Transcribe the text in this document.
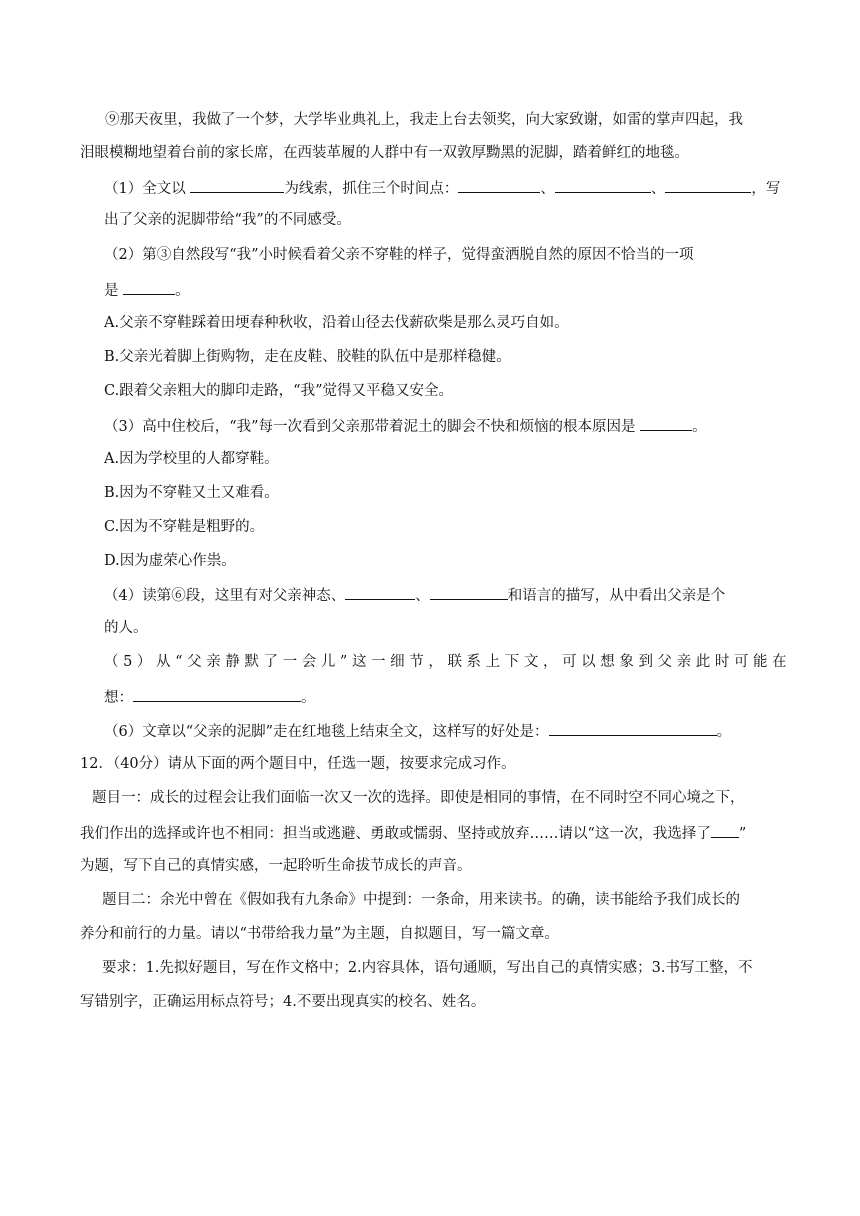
⑨那天夜里，我做了一个梦，大学毕业典礼上，我走上台去领奖，向大家致谢，如雷的掌声四起，我
泪眼模糊地望着台前的家长席，在西装革履的人群中有一双敦厚黝黑的泥脚，踏着鲜红的地毯。
（1）全文以	为线索，抓住三个时间点：	、	、	，写
出了父亲的泥脚带给“我”的不同感受。
（2）第③自然段写“我”小时候看着父亲不穿鞋的样子，觉得蛮洒脱自然的原因不恰当的一项
是	。
A.父亲不穿鞋踩着田埂春种秋收，沿着山径去伐薪砍柴是那么灵巧自如。
B.父亲光着脚上街购物，走在皮鞋、胶鞋的队伍中是那样稳健。
C.跟着父亲粗大的脚印走路，“我”觉得又平稳又安全。
（3）高中住校后，“我”每一次看到父亲那带着泥土的脚会不快和烦恼的根本原因是	。
A.因为学校里的人都穿鞋。
B.因为不穿鞋又土又难看。
C.因为不穿鞋是粗野的。
D.因为虚荣心作祟。
（4）读第⑥段，这里有对父亲神态、	、	和语言的描写，从中看出父亲是个
的人。
（5）从“父亲静默了一会儿”这一细节，联系上下文，可以想象到父亲此时可能在
想：	。
（6）文章以“父亲的泥脚”走在红地毯上结束全文，这样写的好处是：	。
12．（40分）请从下面的两个题目中，任选一题，按要求完成习作。
题目一：成长的过程会让我们面临一次又一次的选择。即使是相同的事情，在不同时空不同心境之下，
我们作出的选择或许也不相同：担当或逃避、勇敢或懦弱、坚持或放弃……请以“这一次，我选择了 ”
为题，写下自己的真情实感，一起聆听生命拔节成长的声音。
题目二：余光中曾在《假如我有九条命》中提到：一条命，用来读书。的确，读书能给予我们成长的
养分和前行的力量。请以“书带给我力量”为主题，自拟题目，写一篇文章。
要求：1.先拟好题目，写在作文格中；2.内容具体，语句通顺，写出自己的真情实感；3.书写工整，不
写错别字，正确运用标点符号；4.不要出现真实的校名、姓名。
